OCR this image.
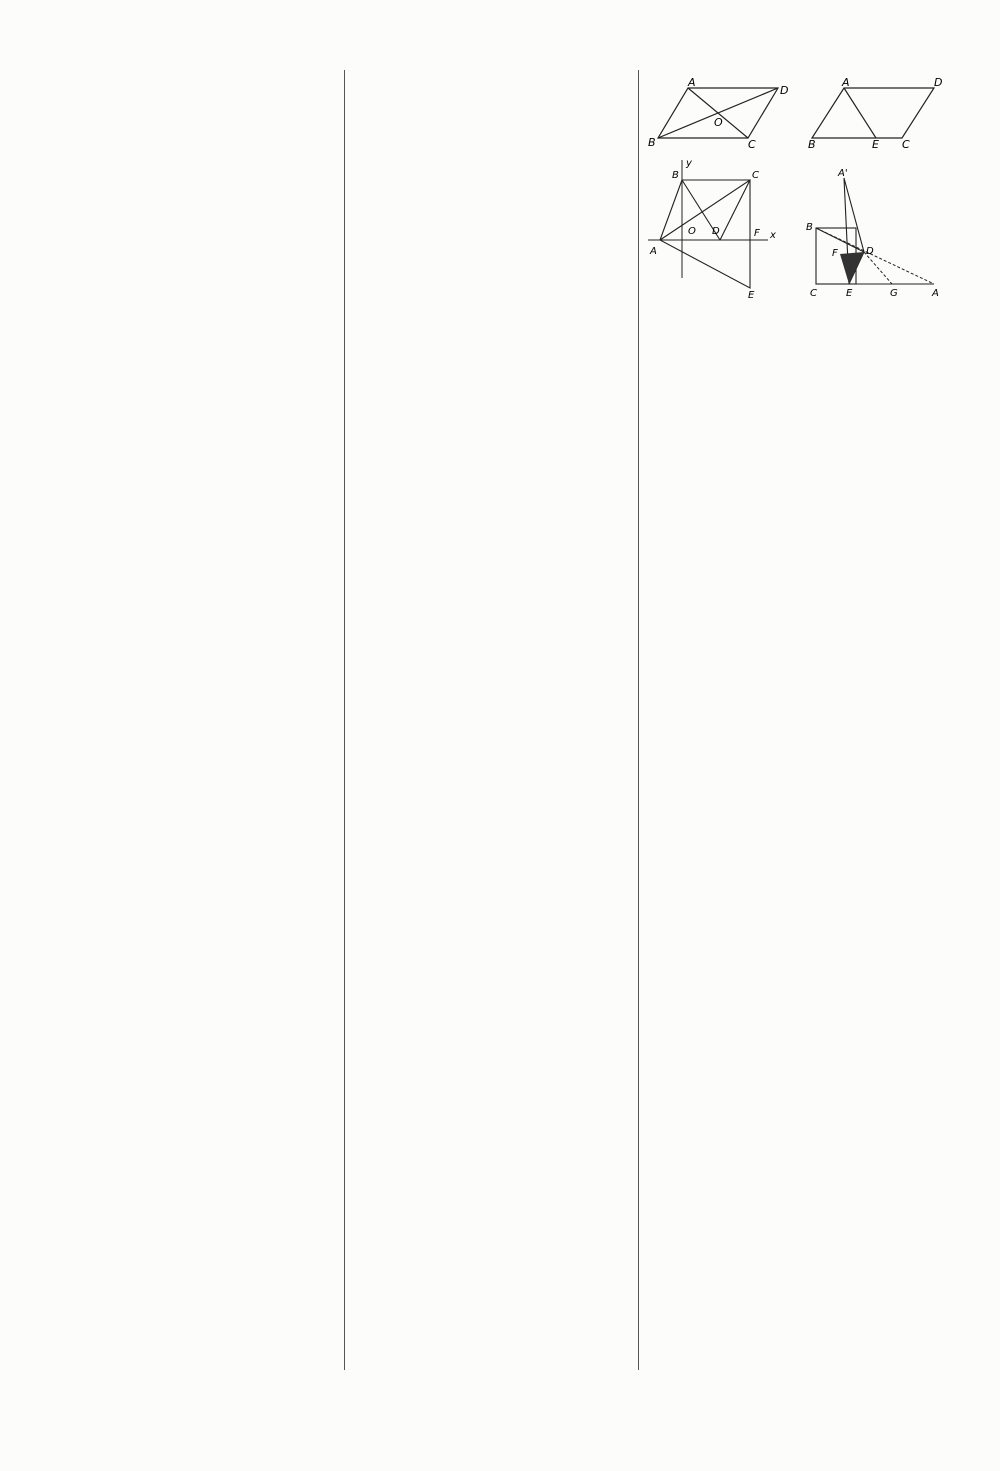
A
D
B	C
O
A	D
B	E C
y
x
B	C
A
O D	F
E
B
A'
D
F
C	E	G	A
